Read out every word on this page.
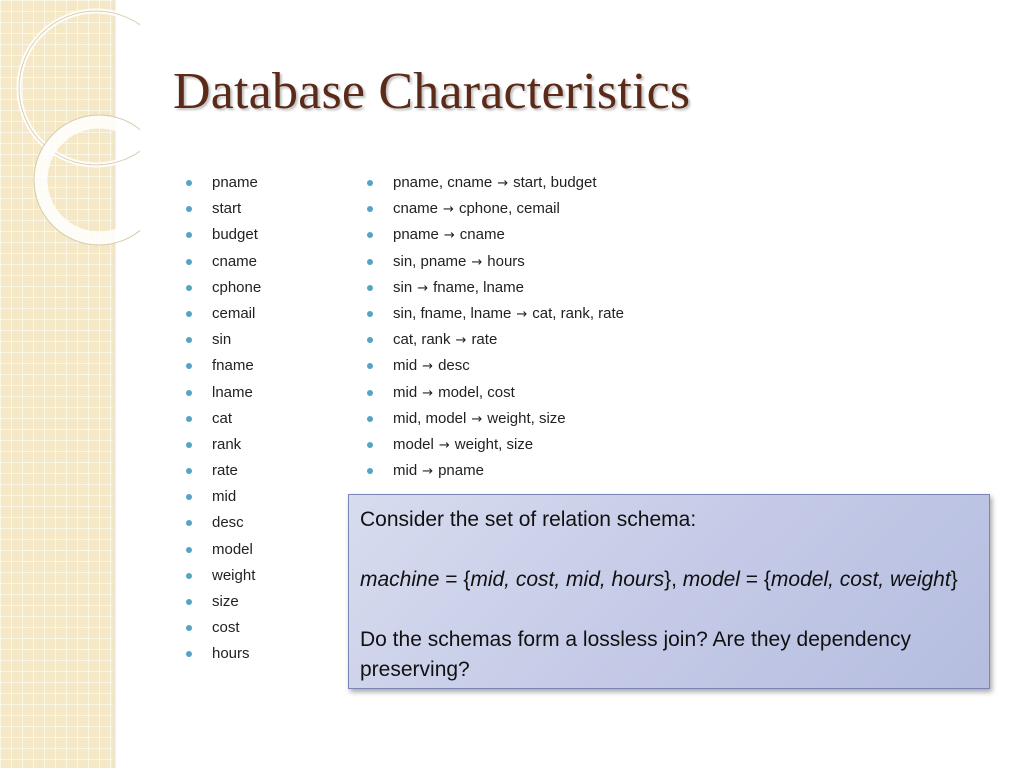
Database Characteristics
pname
start
budget
cname
cphone
cemail
sin
fname
lname
cat
rank
rate
mid
desc
model
weight
size
cost
hours
pname, cname → start, budget
cname → cphone, cemail
pname → cname
sin, pname → hours
sin → fname, lname
sin, fname, lname → cat, rank, rate
cat, rank → rate
mid → desc
mid → model, cost
mid, model → weight, size
model → weight, size
mid → pname

Consider the set of relation schema:

machine = {mid, cost, mid, hours}, model = {model, cost, weight}

Do the schemas form a lossless join? Are they dependency preserving?
